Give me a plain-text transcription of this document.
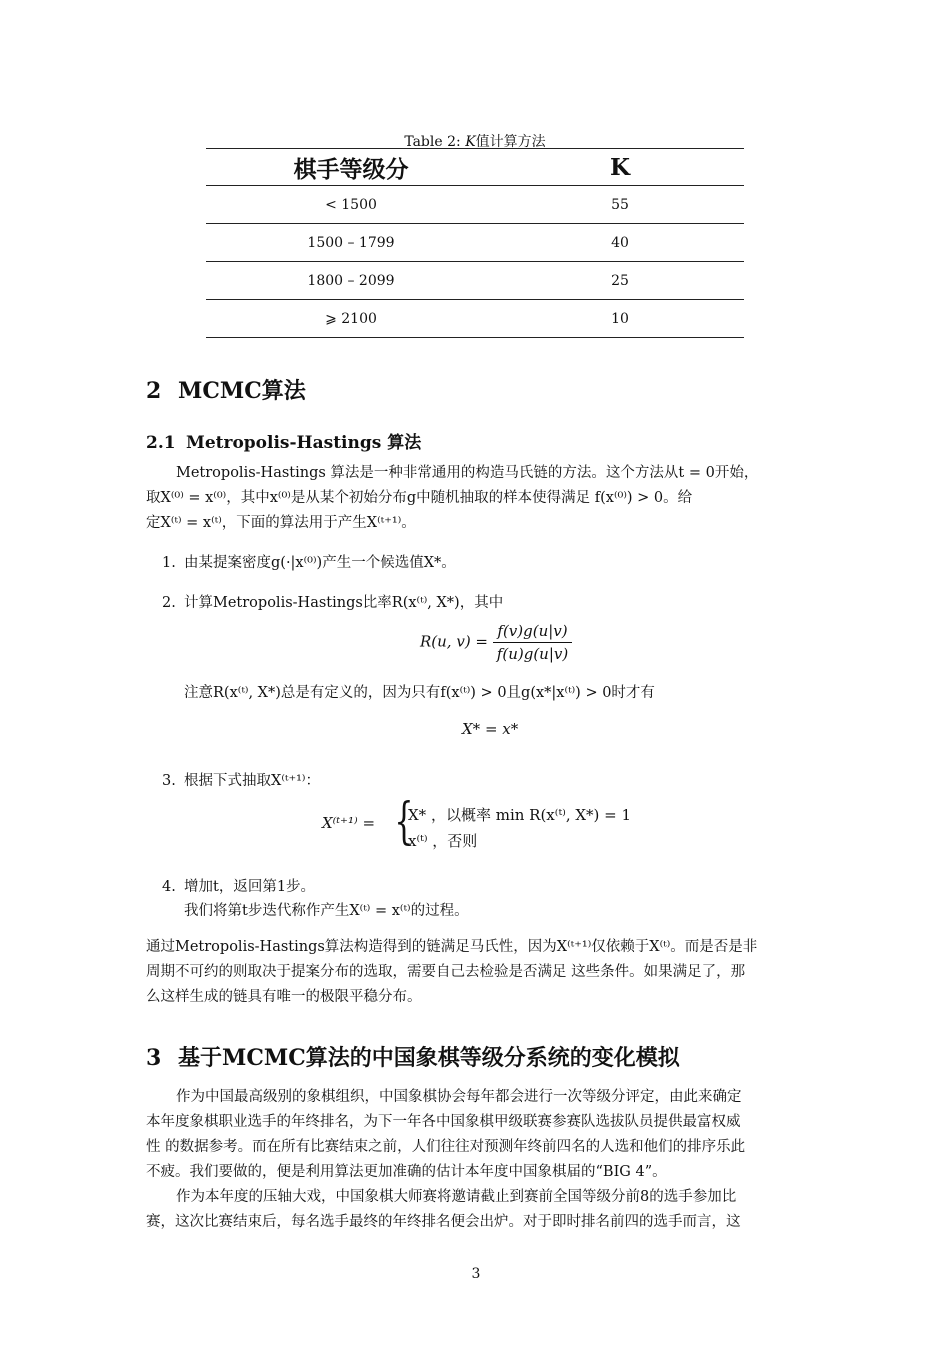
Table 2: K值计算方法
棋手等级分	K
< 1500	55
1500 – 1799	40
1800 – 2099	25
⩾ 2100	10
2 MCMC算法
2.1 Metropolis-Hastings 算法

Metropolis-Hastings 算法是一种非常通用的构造马氏链的方法。这个方法从t = 0开始，
取X⁽⁰⁾ = x⁽⁰⁾，其中x⁽⁰⁾是从某个初始分布g中随机抽取的样本使得满足 f(x⁽⁰⁾) > 0。给
定X⁽ᵗ⁾ = x⁽ᵗ⁾，下面的算法用于产生X⁽ᵗ⁺¹⁾。

1. 由某提案密度g(·|x⁽⁰⁾)产生一个候选值X*。
2. 计算Metropolis-Hastings比率R(x⁽ᵗ⁾, X*)，其中
R(u, $v) = \frac{f(v)g(u|v)}{f(u)g(u|v)}$
注意R(x⁽ᵗ⁾, X*)总是有定义的，因为只有f(x⁽ᵗ⁾) > 0且g(x*|x⁽ᵗ⁾) > 0时才有
X* = x*
3. 根据下式抽取X⁽ᵗ⁺¹⁾：
X⁽ᵗ⁺¹⁾ = {
X* ，以概率 min R(x⁽ᵗ⁾, X*) = 1
x⁽ᵗ⁾ ，否则
4. 增加t，返回第1步。
我们将第t步迭代称作产生X⁽ᵗ⁾ = x⁽ᵗ⁾的过程。

通过Metropolis-Hastings算法构造得到的链满足马氏性，因为X⁽ᵗ⁺¹⁾仅依赖于X⁽ᵗ⁾。而是否是非
周期不可约的则取决于提案分布的选取，需要自己去检验是否满足 这些条件。如果满足了，那
么这样生成的链具有唯一的极限平稳分布。

3 基于MCMC算法的中国象棋等级分系统的变化模拟

作为中国最高级别的象棋组织，中国象棋协会每年都会进行一次等级分评定，由此来确定
本年度象棋职业选手的年终排名，为下一年各中国象棋甲级联赛参赛队选拔队员提供最富权威
性 的数据参考。而在所有比赛结束之前，人们往往对预测年终前四名的人选和他们的排序乐此
不疲。我们要做的，便是利用算法更加准确的估计本年度中国象棋届的“BIG 4”。

作为本年度的压轴大戏，中国象棋大师赛将邀请截止到赛前全国等级分前8的选手参加比
赛，这次比赛结束后，每名选手最终的年终排名便会出炉。对于即时排名前四的选手而言，这

3
